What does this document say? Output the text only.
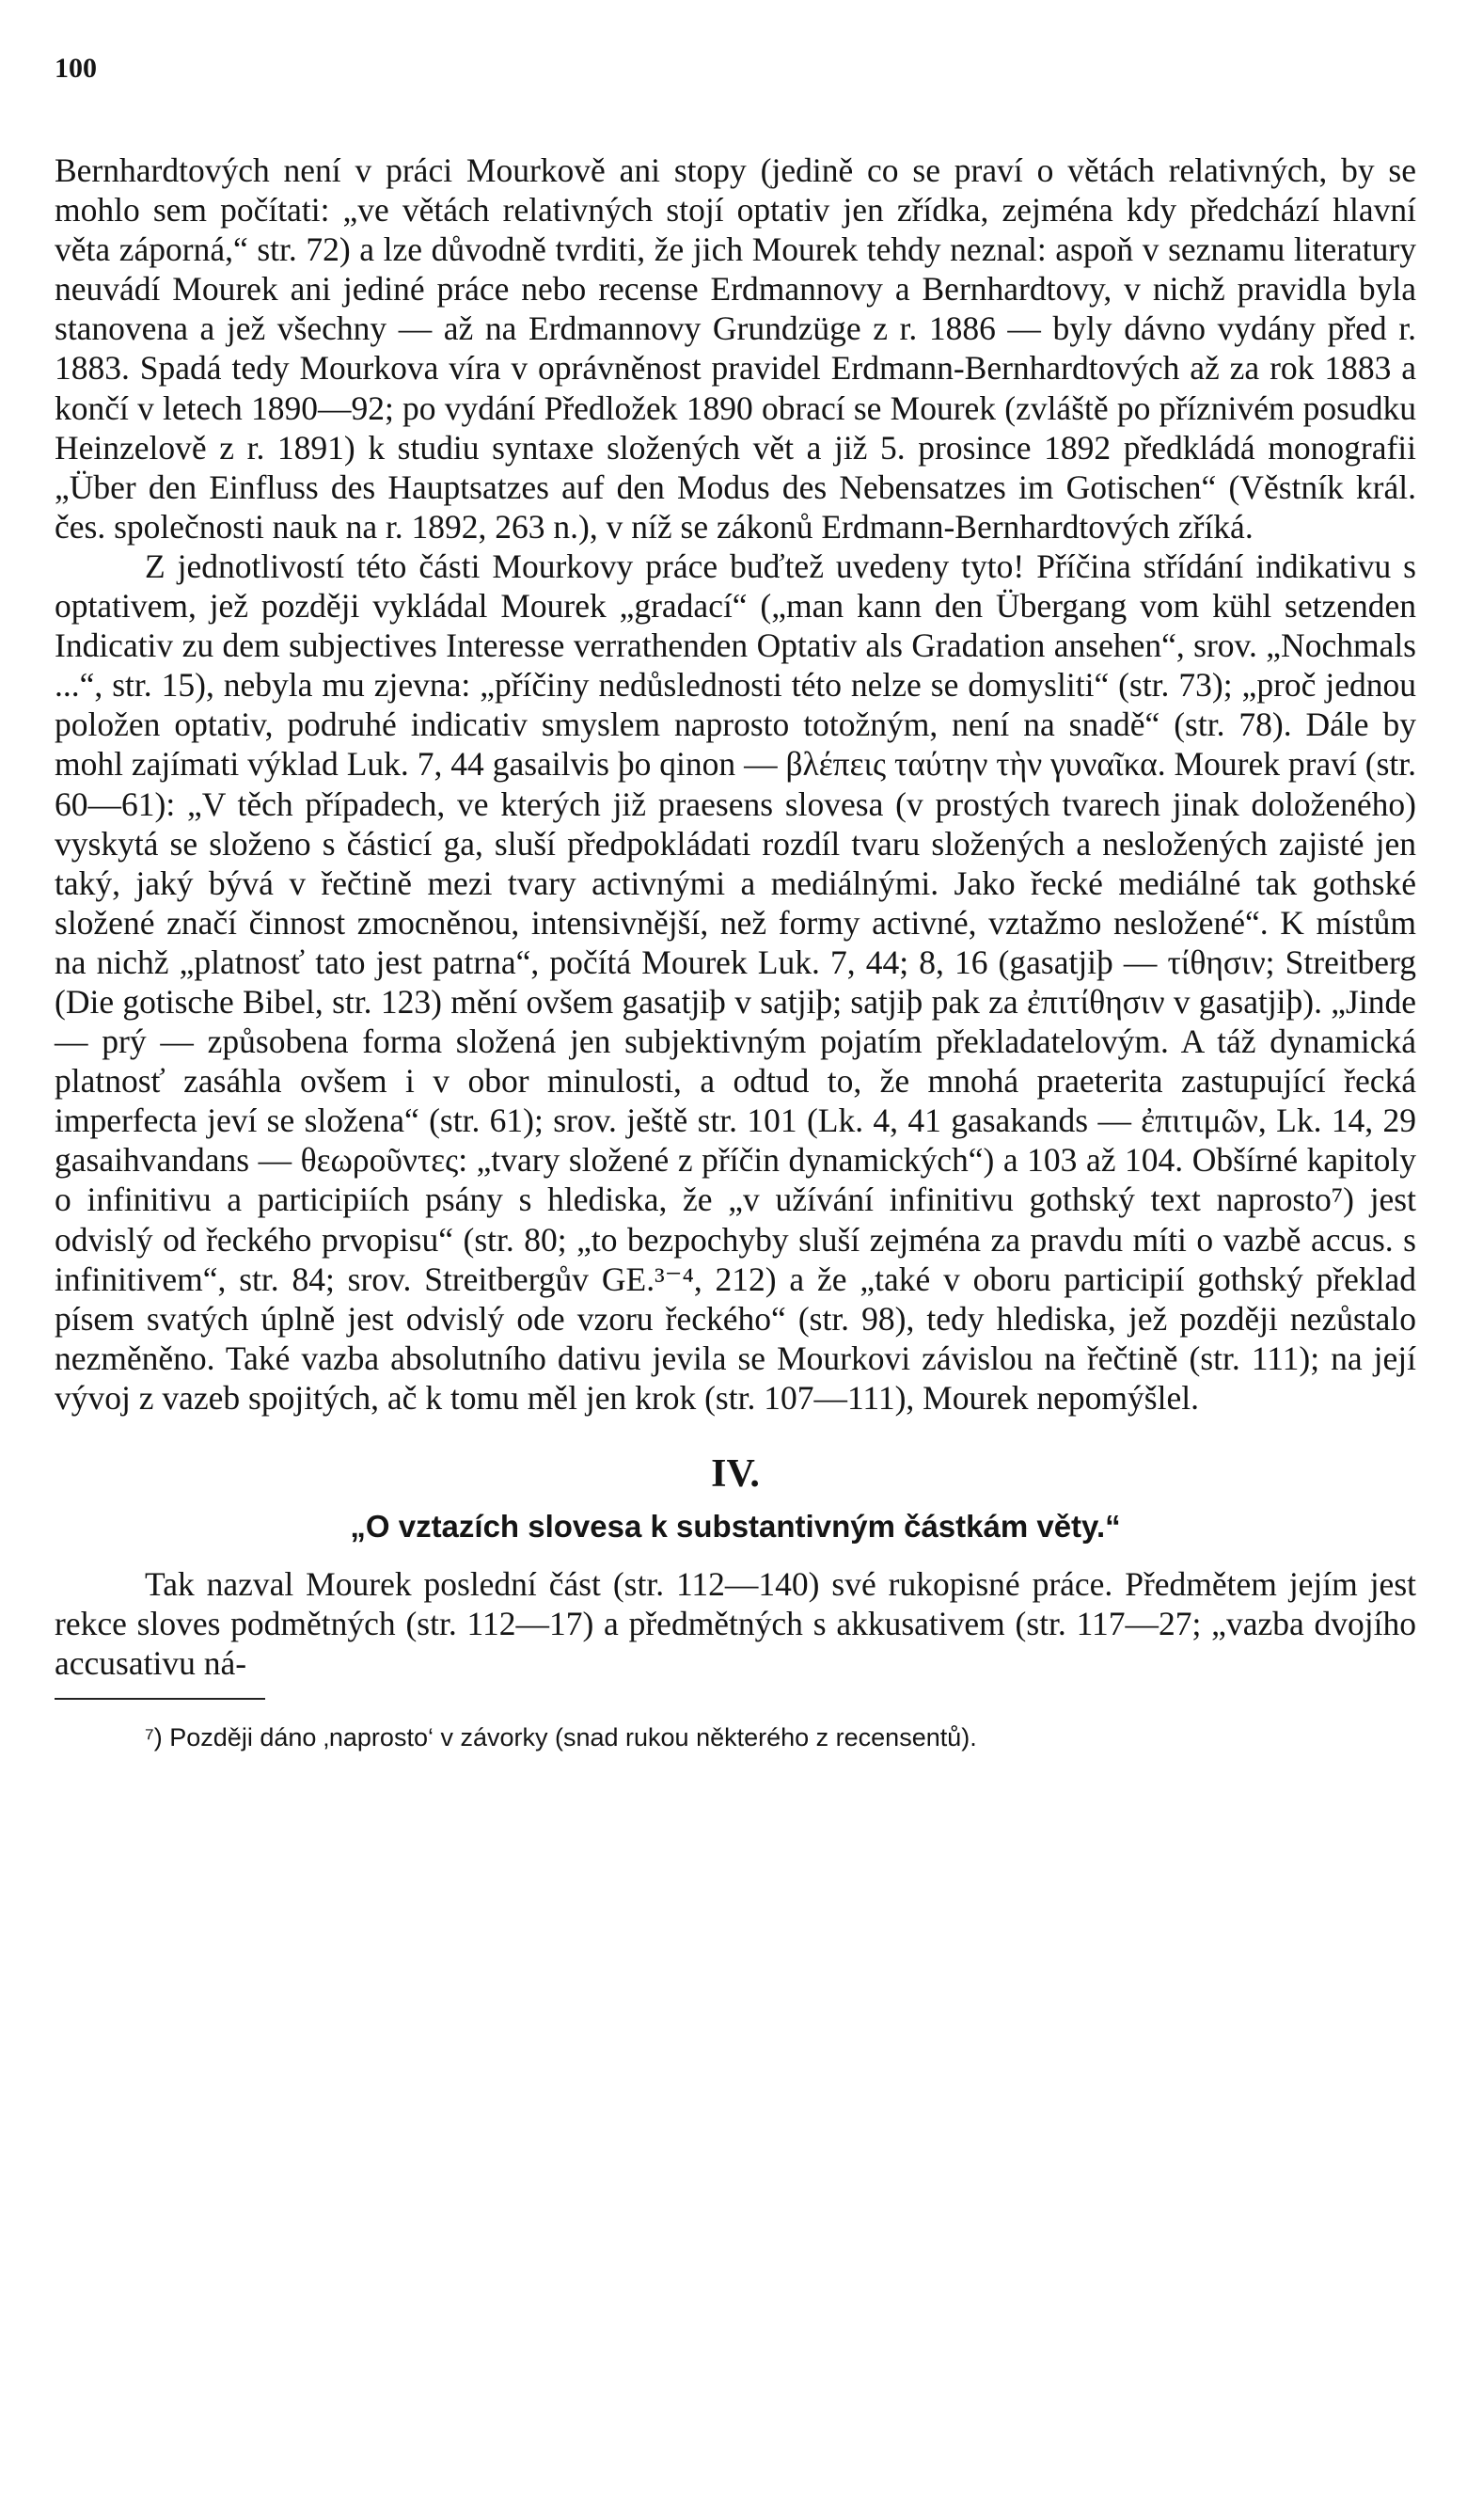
100

Bernhardtových není v práci Mourkově ani stopy (jedině co se praví o větách relativných, by se mohlo sem počítati: „ve větách relativných stojí optativ jen zřídka, zejména kdy předchází hlavní věta záporná,“ str. 72) a lze důvodně tvrditi, že jich Mourek tehdy neznal: aspoň v seznamu literatury neuvádí Mourek ani jediné práce nebo recense Erdmannovy a Bernhardtovy, v nichž pravidla byla stanovena a jež všechny — až na Erdmannovy Grundzüge z r. 1886 — byly dávno vydány před r. 1883. Spadá tedy Mourkova víra v oprávněnost pravidel Erdmann-Bernhardtových až za rok 1883 a končí v letech 1890—92; po vydání Předložek 1890 obrací se Mourek (zvláště po příznivém posudku Heinzelově z r. 1891) k studiu syntaxe složených vět a již 5. prosince 1892 předkládá monografii „Über den Einfluss des Hauptsatzes auf den Modus des Nebensatzes im Gotischen“ (Věstník král. čes. společnosti nauk na r. 1892, 263 n.), v níž se zákonů Erdmann-Bernhardtových zříká.

Z jednotlivostí této části Mourkovy práce buďtež uvedeny tyto! Příčina střídání indikativu s optativem, jež později vykládal Mourek „gradací“ („man kann den Übergang vom kühl setzenden Indicativ zu dem subjectives Interesse verrathenden Optativ als Gradation ansehen“, srov. „Nochmals ...“, str. 15), nebyla mu zjevna: „příčiny nedůslednosti této nelze se domysliti“ (str. 73); „proč jednou položen optativ, podruhé indicativ smyslem naprosto totožným, není na snadě“ (str. 78). Dále by mohl zajímati výklad Luk. 7, 44 gasailvis þo qinon — βλέπεις ταύτην τὴν γυναῖκα. Mourek praví (str. 60—61): „V těch případech, ve kterých již praesens slovesa (v prostých tvarech jinak doloženého) vyskytá se složeno s částicí ga, sluší předpokládati rozdíl tvaru složených a nesložených zajisté jen taký, jaký bývá v řečtině mezi tvary activnými a mediálnými. Jako řecké mediálné tak gothské složené značí činnost zmocněnou, intensivnější, než formy activné, vztažmo nesložené“. K místům na nichž „platnosť tato jest patrna“, počítá Mourek Luk. 7, 44; 8, 16 (gasatjiþ — τίθησιν; Streitberg (Die gotische Bibel, str. 123) mění ovšem gasatjiþ v satjiþ; satjiþ pak za ἐπιτίθησιν v gasatjiþ). „Jinde — prý — způsobena forma složená jen subjektivným pojatím překladatelovým. A táž dynamická platnosť zasáhla ovšem i v obor minulosti, a odtud to, že mnohá praeterita zastupující řecká imperfecta jeví se složena“ (str. 61); srov. ještě str. 101 (Lk. 4, 41 gasakands — ἐπιτιμῶν, Lk. 14, 29 gasaihvandans — θεωροῦντες: „tvary složené z příčin dynamických“) a 103 až 104. Obšírné kapitoly o infinitivu a participiích psány s hlediska, že „v užívání infinitivu gothský text naprosto⁷) jest odvislý od řeckého prvopisu“ (str. 80; „to bezpochyby sluší zejména za pravdu míti o vazbě accus. s infinitivem“, str. 84; srov. Streitbergův GE.³⁻⁴, 212) a že „také v oboru participií gothský překlad písem svatých úplně jest odvislý ode vzoru řeckého“ (str. 98), tedy hlediska, jež později nezůstalo nezměněno. Také vazba absolutního dativu jevila se Mourkovi závislou na řečtině (str. 111); na její vývoj z vazeb spojitých, ač k tomu měl jen krok (str. 107—111), Mourek nepomýšlel.

IV.
„O vztazích slovesa k substantivným částkám věty.“

Tak nazval Mourek poslední část (str. 112—140) své rukopisné práce. Předmětem jejím jest rekce sloves podmětných (str. 112—17) a předmětných s akkusativem (str. 117—27; „vazba dvojího accusativu ná-

⁷) Později dáno ‚naprosto‘ v závorky (snad rukou některého z recensentů).
